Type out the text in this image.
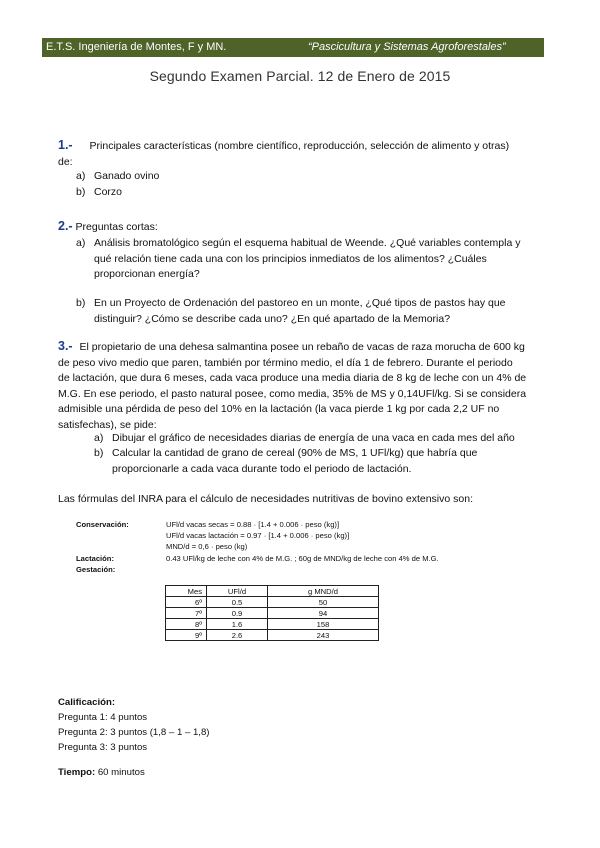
E.T.S. Ingeniería de Montes, F y MN.	“Pascicultura y Sistemas Agroforestales”
Segundo Examen Parcial. 12 de Enero de 2015
1.- Principales características (nombre científico, reproducción, selección de alimento y otras)
de:
a) Ganado ovino
b) Corzo
2.- Preguntas cortas:
a) Análisis bromatológico según el esquema habitual de Weende. ¿Qué variables contempla y
qué relación tiene cada una con los principios inmediatos de los alimentos? ¿Cuáles
proporcionan energía?
b) En un Proyecto de Ordenación del pastoreo en un monte, ¿Qué tipos de pastos hay que
distinguir? ¿Cómo se describe cada uno? ¿En qué apartado de la Memoria?
3.- El propietario de una dehesa salmantina posee un rebaño de vacas de raza morucha de 600 kg
de peso vivo medio que paren, también por término medio, el día 1 de febrero. Durante el periodo
de lactación, que dura 6 meses, cada vaca produce una media diaria de 8 kg de leche con un 4% de
M.G. En ese periodo, el pasto natural posee, como media, 35% de MS y 0,14UFl/kg. Si se considera
admisible una pérdida de peso del 10% en la lactación (la vaca pierde 1 kg por cada 2,2 UF no
satisfechas), se pide:
a) Dibujar el gráfico de necesidades diarias de energía de una vaca en cada mes del año
b) Calcular la cantidad de grano de cereal (90% de MS, 1 UFl/kg) que habría que
proporcionarle a cada vaca durante todo el periodo de lactación.
Las fórmulas del INRA para el cálculo de necesidades nutritivas de bovino extensivo son:
Conservación:	UFl/d vacas secas = 0.88 · [1.4 + 0.006 · peso (kg)]
UFl/d vacas lactación = 0.97 · [1.4 + 0.006 · peso (kg)]
MND/d = 0,6 · peso (kg)
Lactación:	0.43 UFl/kg de leche con 4% de M.G. ; 60g de MND/kg de leche con 4% de M.G.
Gestación:
Mes	UFl/d	g MND/d
6º	0.5	50
7º	0.9	94
8º	1.6	158
9º	2.6	243
Calificación:
Pregunta 1: 4 puntos
Pregunta 2: 3 puntos (1,8 – 1 – 1,8)
Pregunta 3: 3 puntos
Tiempo: 60 minutos
